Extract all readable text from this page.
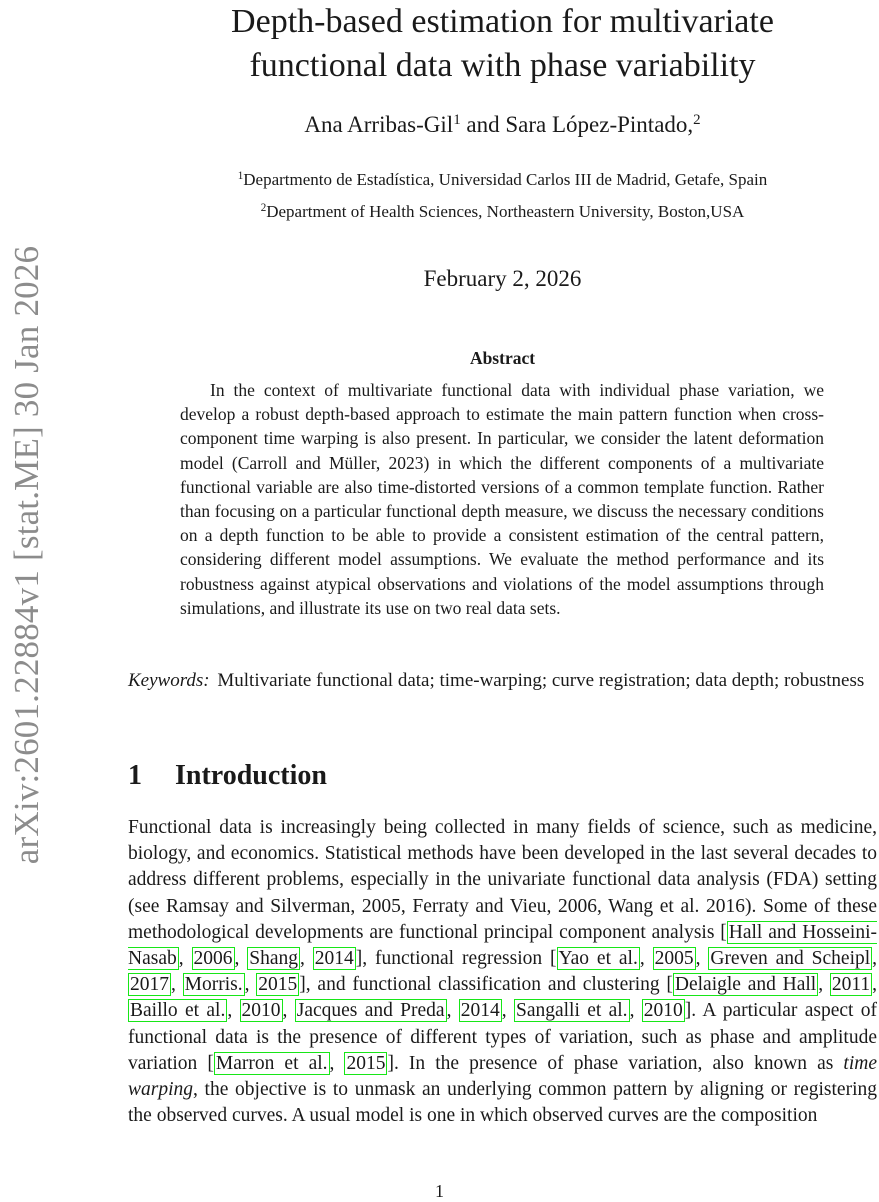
arXiv:2601.22884v1 [stat.ME] 30 Jan 2026
Depth-based estimation for multivariate
functional data with phase variability
Ana Arribas-Gil$^1$ and Sara López-Pintado,$^2$
$^1$Departmento de Estadística, Universidad Carlos III de Madrid, Getafe, Spain
$^2$Department of Health Sciences, Northeastern University, Boston,USA
February 2, 2026
Abstract

In the context of multivariate functional data with individual phase variation, we develop a robust depth-based approach to estimate the main pattern function when cross-component time warping is also present. In particular, we consider the latent deformation model (Carroll and Müller, 2023) in which the different components of a multivariate functional variable are also time-distorted versions of a common template function. Rather than focusing on a particular functional depth measure, we discuss the necessary conditions on a depth function to be able to provide a consistent estimation of the central pattern, considering different model assumptions. We evaluate the method performance and its robustness against atypical observations and violations of the model assumptions through simulations, and illustrate its use on two real data sets.

Keywords: Multivariate functional data; time-warping; curve registration; data depth; robustness

1 Introduction

Functional data is increasingly being collected in many fields of science, such as medicine, biology, and economics. Statistical methods have been developed in the last several decades to address different problems, especially in the univariate functional data analysis (FDA) setting (see Ramsay and Silverman, 2005, Ferraty and Vieu, 2006, Wang et al. 2016). Some of these methodological developments are functional principal component analysis [ Hall and Hosseini-Nasab , 2006 , Shang , 2014 ], functional regression [ Yao et al. , 2005 , Greven and Scheipl , 2017 , Morris. , 2015 ], and functional classification and clustering [ Delaigle and Hall , 2011 , Baillo et al. , 2010 , Jacques and Preda , 2014 , Sangalli et al. , 2010 ]. A particular aspect of functional data is the presence of different types of variation, such as phase and amplitude variation [ Marron et al. , 2015 ]. In the presence of phase variation, also known as time warping, the objective is to unmask an underlying common pattern by aligning or registering the observed curves. A usual model is one in which observed curves are the composition

1
